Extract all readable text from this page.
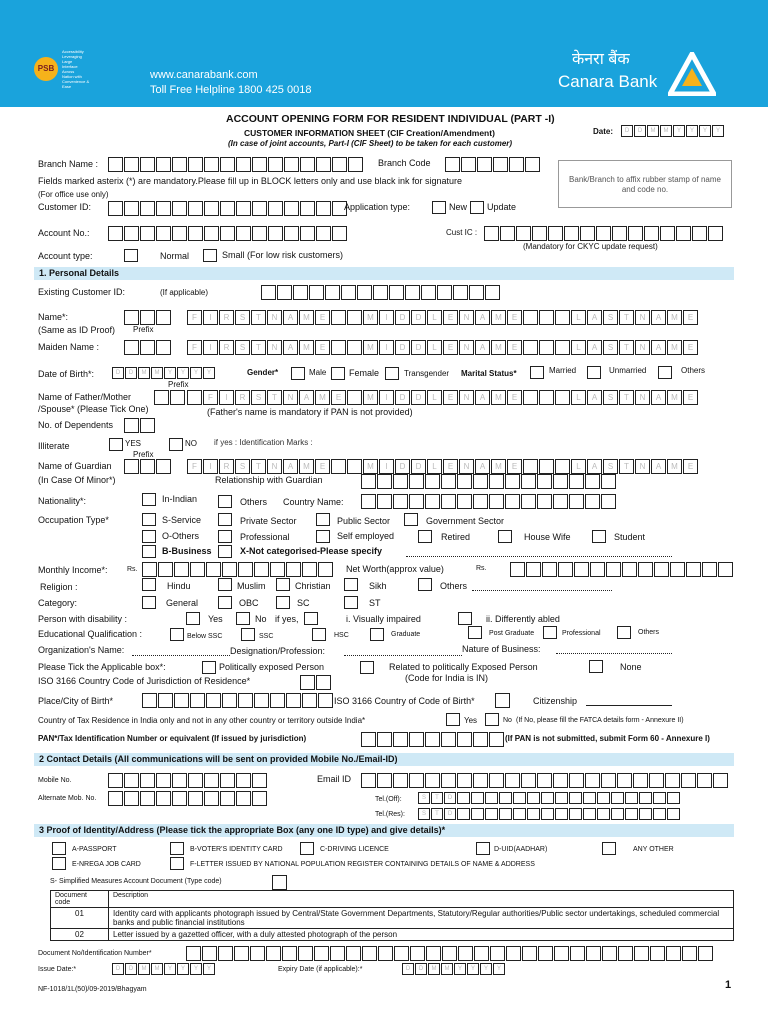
PSB
Accessibility
Leveraging
Large
Interface
Across
Nation with
Convenience &
Ease
www.canarabank.com
Toll Free Helpline 1800 425 0018
केनरा बैंक
Canara Bank
ACCOUNT OPENING FORM FOR RESIDENT INDIVIDUAL (PART -I)
CUSTOMER INFORMATION SHEET (CIF Creation/Amendment)
(In case of joint accounts, Part-I (CIF Sheet) to be taken for each customer)
Date:	D	D	M	M	Y	Y	Y	Y
Branch Name :	Branch Code
Bank/Branch to affix rubber stamp of name and code no.
Fields marked asterix (*) are mandatory.Please fill up in BLOCK letters only and use black ink for signature
(For office use only)
Customer ID:	Application type:	New Update
Account No.:	Cust IC :
(Mandatory for CKYC update request)
Account type:	Normal	Small (For low risk customers)
1. Personal Details
Existing Customer ID:	(If applicable)
Name*:
(Same as ID Proof) Prefix
F	I	R	S	T	N	A	M	E	M	I	D	D	L	E	N	A	M	E	L	A	S	T	N	A	M	E
Maiden Name :	F	I	R	S	T	N	A	M	E	M	I	D	D	L	E	N	A	M	E	L	A	S	T	N	A	M	E
Date of Birth*:	D	D	M	M	Y	Y	Y	Y	Gender*	Male	Female	Transgender Marital Status*	Married	Unmarried	Others
Prefix
Name of Father/Mother
/Spouse* (Please Tick One)
F	I	R	S	T	N	A	M	E	M	I	D	D	L	E	N	A	M	E	L	A	S	T	N	A	M	E
(Father's name is mandatory if PAN is not provided)
No. of Dependents
Illiterate	YES	NO if yes : Identification Marks :
Prefix
Name of Guardian
(In Case Of Minor*)
F	I	R	S	T	N	A	M	E	M	I	D	D	L	E	N	A	M	E	L	A	S	T	N	A	M	E
Relationship with Guardian
Nationality*:	In-Indian	Others Country Name:
Occupation Type*	S-Service	Private Sector	Public Sector	Government Sector
O-Others	Professional	Self employed	Retired	House Wife	Student
B-Business	X-Not categorised-Please specify
Monthly Income*:	Rs.	Net Worth(approx value)	Rs.
Religion :	Hindu	Muslim	Christian	Sikh	Others
Category:	General	OBC	SC	ST
Person with disability :	Yes	No if yes,	i. Visually impaired	ii. Differently abled
Educational Qualification :	Below SSC	SSC	HSC	Graduate	Post Graduate	Professional	Others
Organization's Name:	Designation/Profession:	Nature of Business:
Please Tick the Applicable box*:	Politically exposed Person	Related to politically Exposed Person	None
ISO 3166 Country Code of Jurisdiction of Residence*	(Code for India is IN)
Place/City of Birth*	ISO 3166 Country of Code of Birth*	Citizenship
Country of Tax Residence in India only and not in any other country or territory outside India*	Yes	No (If No, please fill the FATCA details form - Annexure II)
PAN*/Tax Identification Number or equivalent (If issued by jurisdiction)	(If PAN is not submitted, submit Form 60 - Annexure I)
2 Contact Details (All communications will be sent on provided Mobile No./Email-ID)
Mobile No.	Email ID
Alternate Mob. No.	Tel.(Off):	S	T	D
Tel.(Res):	S	T	D
3 Proof of Identity/Address (Please tick the appropriate Box (any one ID type) and give details)*
A-PASSPORT	B-VOTER'S IDENTITY CARD	C-DRIVING LICENCE	D-UID(AADHAR)	ANY OTHER
E-NREGA JOB CARD	F-LETTER ISSUED BY NATIONAL POPULATION REGISTER CONTAINING DETAILS OF NAME & ADDRESS
S- Simplified Measures Account Document (Type code)
Document code	Description
01	Identity card with applicants photograph issued by Central/State Government Departments, Statutory/Regular authorities/Public sector undertakings, scheduled commercial banks and public financial institutions
02	Letter issued by a gazetted officer, with a duly attested photograph of the person
Document No/Identification Number*
Issue Date:*	D	D	M	M	Y	Y	Y	Y	Expiry Date (if applicable):*	D	D	M	M	Y	Y	Y	Y
NF-1018/1L(50)/09-2019/Bhagyam	1
